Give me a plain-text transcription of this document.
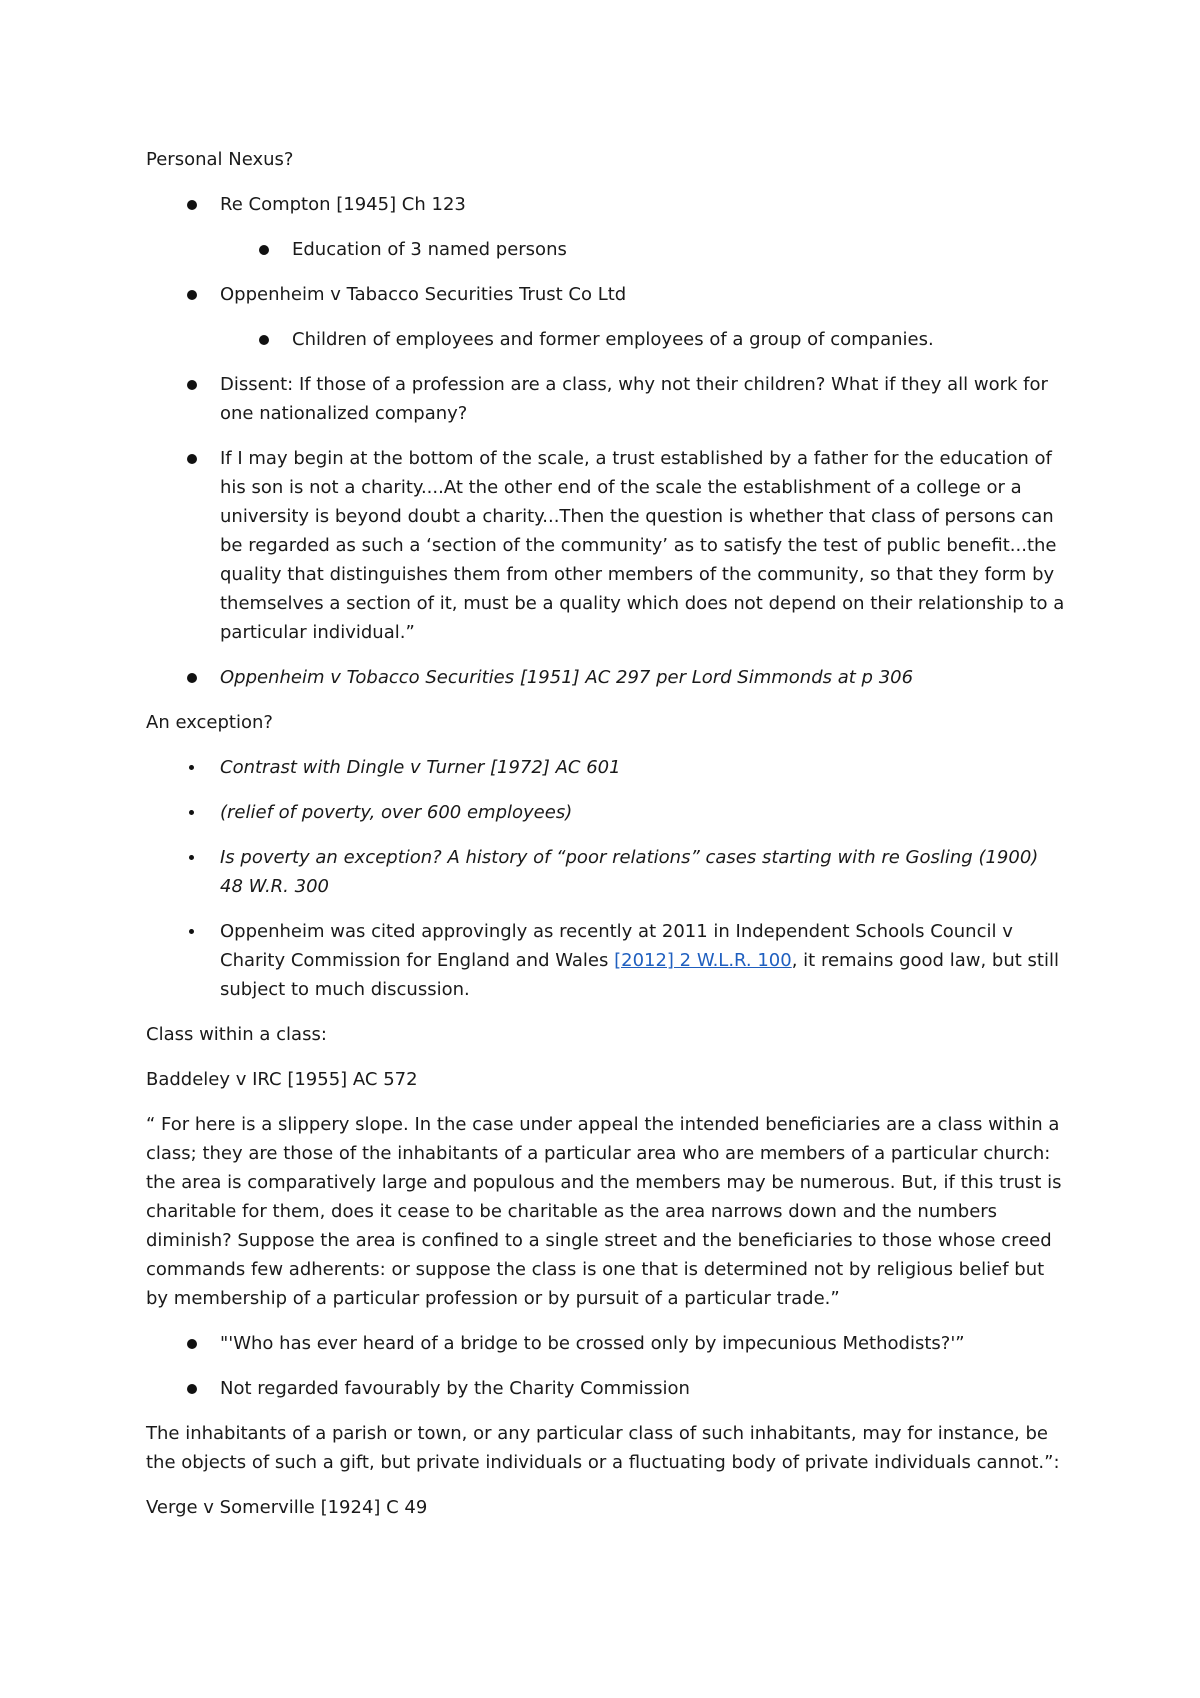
Personal Nexus?

Re Compton [1945] Ch 123
Education of 3 named persons
Oppenheim v Tabacco Securities Trust Co Ltd
Children of employees and former employees of a group of companies.
Dissent: If those of a profession are a class, why not their children? What if they all work for one nationalized company?
If I may begin at the bottom of the scale, a trust established by a father for the education of his son is not a charity....At the other end of the scale the establishment of a college or a university is beyond doubt a charity...Then the question is whether that class of persons can be regarded as such a ‘section of the community’ as to satisfy the test of public benefit...the quality that distinguishes them from other members of the community, so that they form by themselves a section of it, must be a quality which does not depend on their relationship to a particular individual.”
Oppenheim v Tobacco Securities [1951] AC 297 per Lord Simmonds at p 306

An exception?

Contrast with Dingle v Turner [1972] AC 601
(relief of poverty, over 600 employees)
Is poverty an exception? A history of “poor relations” cases starting with re Gosling (1900) 48 W.R. 300
Oppenheim was cited approvingly as recently at 2011 in Independent Schools Council v Charity Commission for England and Wales [2012] 2 W.L.R. 100, it remains good law, but still subject to much discussion.

Class within a class:

Baddeley v IRC [1955] AC 572

“ For here is a slippery slope. In the case under appeal the intended beneficiaries are a class within a class; they are those of the inhabitants of a particular area who are members of a particular church: the area is comparatively large and populous and the members may be numerous. But, if this trust is charitable for them, does it cease to be charitable as the area narrows down and the numbers diminish? Suppose the area is confined to a single street and the beneficiaries to those whose creed commands few adherents: or suppose the class is one that is determined not by religious belief but by membership of a particular profession or by pursuit of a particular trade.”

"'Who has ever heard of a bridge to be crossed only by impecunious Methodists?'”
Not regarded favourably by the Charity Commission

The inhabitants of a parish or town, or any particular class of such inhabitants, may for instance, be the objects of such a gift, but private individuals or a fluctuating body of private individuals cannot.”:

Verge v Somerville [1924] C 49
